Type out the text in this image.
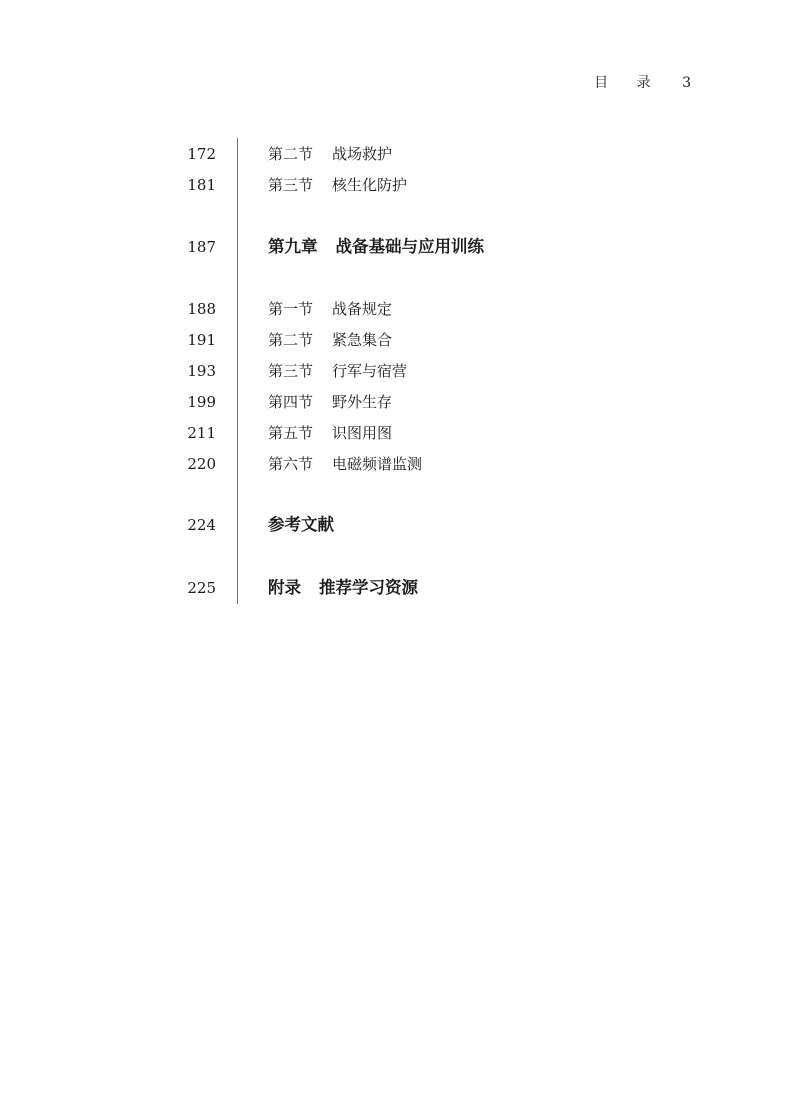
目 录 3
172	第二节 战场救护
181	第三节 核生化防护
187	第九章 战备基础与应用训练
188	第一节 战备规定
191	第二节 紧急集合
193	第三节 行军与宿营
199	第四节 野外生存
211	第五节 识图用图
220	第六节 电磁频谱监测
224	参考文献
225	附录 推荐学习资源
